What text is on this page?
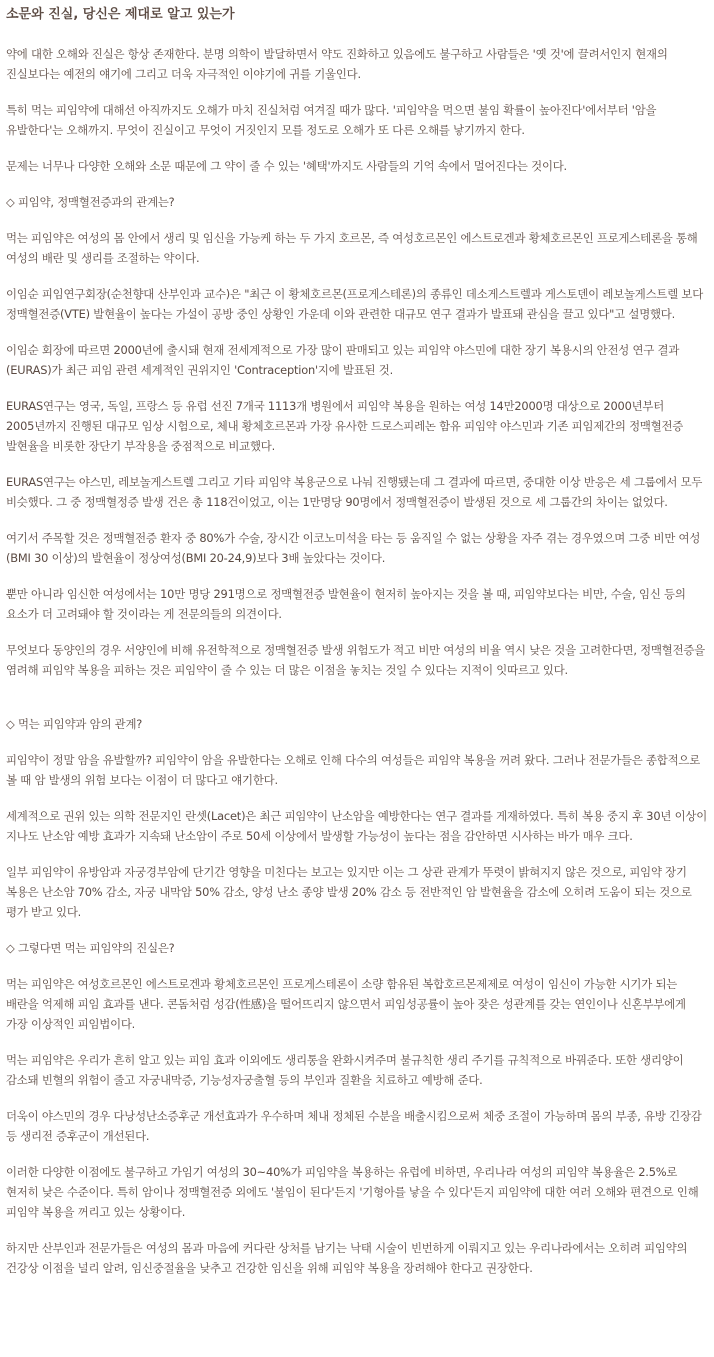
소문와 진실, 당신은 제대로 알고 있는가
약에 대한 오해와 진실은 항상 존재한다. 분명 의학이 발달하면서 약도 진화하고 있음에도 불구하고 사람들은 '옛 것'에 끌려서인지 현재의 진실보다는 예전의 얘기에 그리고 더욱 자극적인 이야기에 귀를 기울인다.
특히 먹는 피임약에 대해선 아직까지도 오해가 마치 진실처럼 여겨질 때가 많다. '피임약을 먹으면 불임 확률이 높아진다'에서부터 '암을 유발한다'는 오해까지. 무엇이 진실이고 무엇이 거짓인지 모를 정도로 오해가 또 다른 오해를 낳기까지 한다.
문제는 너무나 다양한 오해와 소문 때문에 그 약이 줄 수 있는 '혜택'까지도 사람들의 기억 속에서 멀어진다는 것이다.
◇ 피임약, 정맥혈전증과의 관계는?
먹는 피임약은 여성의 몸 안에서 생리 및 임신을 가능케 하는 두 가지 호르몬, 즉 여성호르몬인 에스트로겐과 황체호르몬인 프로게스테론을 통해 여성의 배란 및 생리를 조절하는 약이다.
이임순 피임연구회장(순천향대 산부인과 교수)은 "최근 이 황체호르몬(프로게스테론)의 종류인 데소게스트렐과 게스토덴이 레보놀게스트렐 보다 정맥혈전증(VTE) 발현율이 높다는 가설이 공방 중인 상황인 가운데 이와 관련한 대규모 연구 결과가 발표돼 관심을 끌고 있다"고 설명했다.
이임순 회장에 따르면 2000년에 출시돼 현재 전세계적으로 가장 많이 판매되고 있는 피임약 야스민에 대한 장기 복용시의 안전성 연구 결과(EURAS)가 최근 피임 관련 세계적인 권위지인 'Contraception'지에 발표된 것.
EURAS연구는 영국, 독일, 프랑스 등 유럽 선진 7개국 1113개 병원에서 피임약 복용을 원하는 여성 14만2000명 대상으로 2000년부터 2005년까지 진행된 대규모 임상 시험으로, 체내 황체호르몬과 가장 유사한 드로스피레논 함유 피임약 야스민과 기존 피임제간의 정맥혈전증 발현율을 비롯한 장단기 부작용을 중점적으로 비교했다.
EURAS연구는 야스민, 레보놀게스트렐 그리고 기타 피임약 복용군으로 나눠 진행됐는데 그 결과에 따르면, 중대한 이상 반응은 세 그룹에서 모두 비슷했다. 그 중 정맥혈정증 발생 건은 총 118건이었고, 이는 1만명당 90명에서 정맥혈전증이 발생된 것으로 세 그룹간의 차이는 없었다.
여기서 주목할 것은 정맥혈전증 환자 중 80%가 수술, 장시간 이코노미석을 타는 등 움직일 수 없는 상황을 자주 겪는 경우였으며 그중 비만 여성 (BMI 30 이상)의 발현율이 정상여성(BMI 20-24,9)보다 3배 높았다는 것이다.
뿐만 아니라 임신한 여성에서는 10만 명당 291명으로 정맥혈전증 발현율이 현저히 높아지는 것을 볼 때, 피임약보다는 비만, 수술, 임신 등의 요소가 더 고려돼야 할 것이라는 게 전문의들의 의견이다.
무엇보다 동양인의 경우 서양인에 비해 유전학적으로 정맥혈전증 발생 위험도가 적고 비만 여성의 비율 역시 낮은 것을 고려한다면, 정맥혈전증을 염려해 피임약 복용을 피하는 것은 피임약이 줄 수 있는 더 많은 이점을 놓치는 것일 수 있다는 지적이 잇따르고 있다.
◇ 먹는 피임약과 암의 관계?
피임약이 정말 암을 유발할까? 피임약이 암을 유발한다는 오해로 인해 다수의 여성들은 피임약 복용을 꺼려 왔다. 그러나 전문가들은 종합적으로 볼 때 암 발생의 위험 보다는 이점이 더 많다고 얘기한다.
세계적으로 권위 있는 의학 전문지인 란셋(Lacet)은 최근 피임약이 난소암을 예방한다는 연구 결과를 게재하였다. 특히 복용 중지 후 30년 이상이 지나도 난소암 예방 효과가 지속돼 난소암이 주로 50세 이상에서 발생할 가능성이 높다는 점을 감안하면 시사하는 바가 매우 크다.
일부 피임약이 유방암과 자궁경부암에 단기간 영향을 미친다는 보고는 있지만 이는 그 상관 관계가 뚜렷이 밝혀지지 않은 것으로, 피임약 장기 복용은 난소암 70% 감소, 자궁 내막암 50% 감소, 양성 난소 종양 발생 20% 감소 등 전반적인 암 발현율을 감소에 오히려 도움이 되는 것으로 평가 받고 있다.
◇ 그렇다면 먹는 피임약의 진실은?
먹는 피임약은 여성호르몬인 에스트로겐과 황체호르몬인 프로게스테론이 소량 함유된 복합호르몬제제로 여성이 임신이 가능한 시기가 되는 배란을 억제해 피임 효과를 낸다. 콘돔처럼 성감(性感)을 떨어뜨리지 않으면서 피임성공률이 높아 잦은 성관계를 갖는 연인이나 신혼부부에게 가장 이상적인 피임법이다.
먹는 피임약은 우리가 흔히 알고 있는 피임 효과 이외에도 생리통을 완화시켜주며 불규칙한 생리 주기를 규칙적으로 바꿔준다. 또한 생리양이 감소돼 빈혈의 위험이 줄고 자궁내막증, 기능성자궁출혈 등의 부인과 질환을 치료하고 예방해 준다.
더욱이 야스민의 경우 다낭성난소증후군 개선효과가 우수하며 체내 정체된 수분을 배출시킴으로써 체중 조절이 가능하며 몸의 부종, 유방 긴장감 등 생리전 증후군이 개선된다.
이러한 다양한 이점에도 불구하고 가임기 여성의 30~40%가 피임약을 복용하는 유럽에 비하면, 우리나라 여성의 피임약 복용율은 2.5%로 현저히 낮은 수준이다. 특히 암이나 정맥혈전증 외에도 '불임이 된다'든지 '기형아를 낳을 수 있다'든지 피임약에 대한 여러 오해와 편견으로 인해 피임약 복용을 꺼리고 있는 상황이다.
하지만 산부인과 전문가들은 여성의 몸과 마음에 커다란 상처를 남기는 낙태 시술이 빈번하게 이뤄지고 있는 우리나라에서는 오히려 피임약의 건강상 이점을 널리 알려, 임신중절율을 낮추고 건강한 임신을 위해 피임약 복용을 장려해야 한다고 권장한다.
